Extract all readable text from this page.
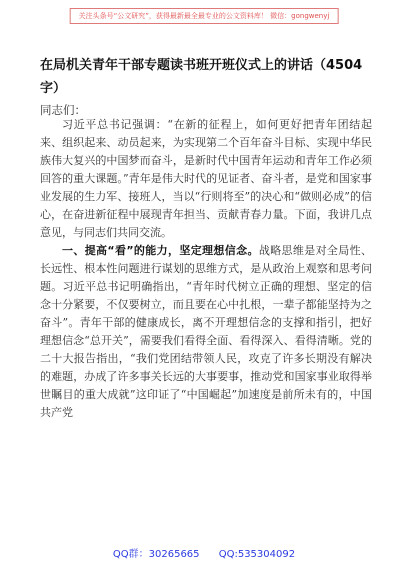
关注头条号“公文研究”，获得最新最全最专业的公文资料库！ 微信：gongwenyj
在局机关青年干部专题读书班开班仪式上的讲话（4504字）
同志们：

习近平总书记强调：“在新的征程上，如何更好把青年团结起来、组织起来、动员起来，为实现第二个百年奋斗目标、实现中华民族伟大复兴的中国梦而奋斗，是新时代中国青年运动和青年工作必须回答的重大课题。”青年是伟大时代的见证者、奋斗者，是党和国家事业发展的生力军、接班人，当以“行则将至”的决心和“做则必成”的信心，在奋进新征程中展现青年担当、贡献青春力量。下面，我讲几点意见，与同志们共同交流。

一、提高“看”的能力，坚定理想信念。战略思维是对全局性、长远性、根本性问题进行谋划的思维方式，是从政治上观察和思考问题。习近平总书记明确指出，“青年时代树立正确的理想、坚定的信念十分紧要，不仅要树立，而且要在心中扎根，一辈子都能坚持为之奋斗”。青年干部的健康成长，离不开理想信念的支撑和指引，把好理想信念“总开关”，需要我们看得全面、看得深入、看得清晰。党的二十大报告指出，“我们党团结带领人民，攻克了许多长期没有解决的难题，办成了许多事关长远的大事要事，推动党和国家事业取得举世瞩目的重大成就”这印证了“中国崛起”加速度是前所未有的，中国共产党

QQ群：30265665 QQ:535304092
